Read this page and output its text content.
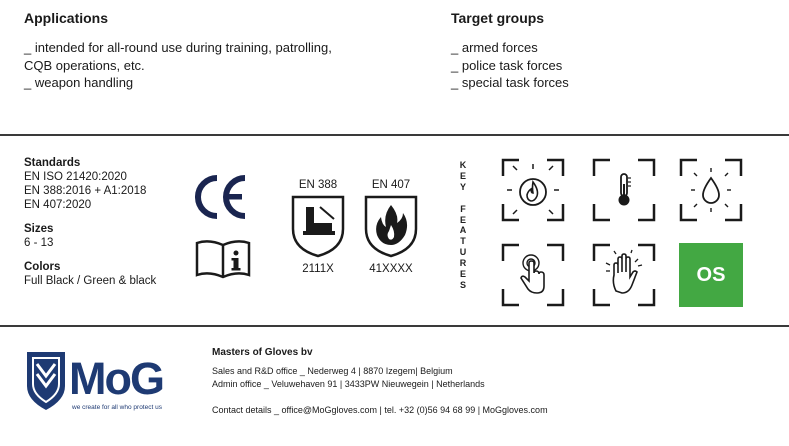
Applications
_ intended for all-round use during training, patrolling,
CQB operations, etc.
_ weapon handling
Target groups
_ armed forces
_ police task forces
_ special task forces
Standards
EN ISO 21420:2020
EN 388:2016 + A1:2018
EN 407:2020
Sizes
6 - 13
Colors
Full Black / Green & black
EN 388
2111X
EN 407
41XXXX
K
E
Y

F
E
A
T
U
R
E
S	OS
MoG
we create for all who protect us
Masters of Gloves bv
Sales and R&D office _ Nederweg 4 | 8870 Izegem| Belgium
Admin office _ Veluwehaven 91 | 3433PW Nieuwegein | Netherlands
Contact details _ office@MoGgloves.com | tel. +32 (0)56 94 68 99 | MoGgloves.com
